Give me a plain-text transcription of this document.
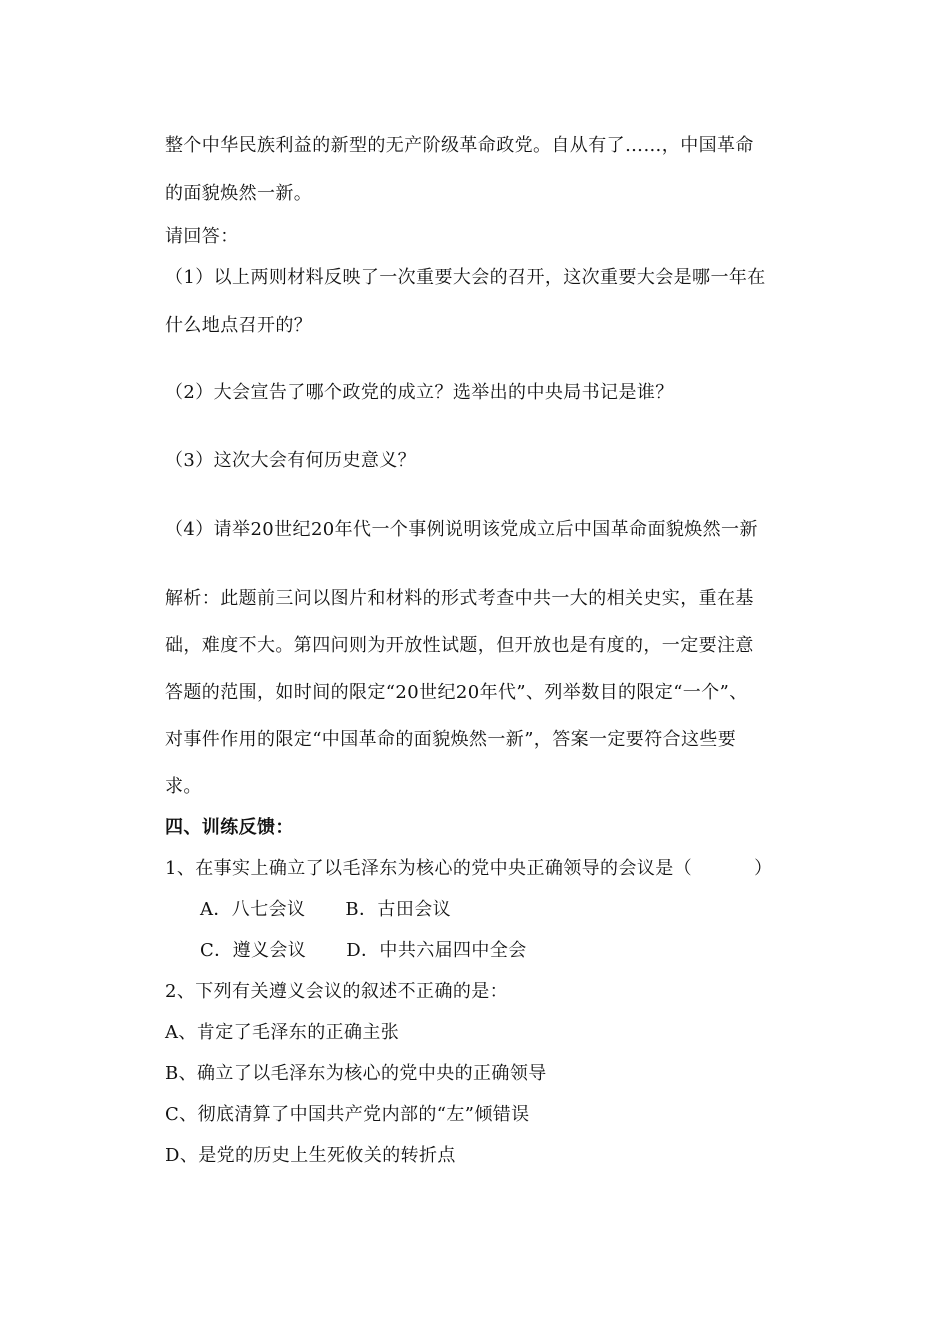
整个中华民族利益的新型的无产阶级革命政党。自从有了……，中国革命
的面貌焕然一新。
请回答：
（1）以上两则材料反映了一次重要大会的召开，这次重要大会是哪一年在
什么地点召开的？
（2）大会宣告了哪个政党的成立？选举出的中央局书记是谁？
（3）这次大会有何历史意义？
（4）请举20世纪20年代一个事例说明该党成立后中国革命面貌焕然一新
解析：此题前三问以图片和材料的形式考查中共一大的相关史实，重在基
础，难度不大。第四问则为开放性试题，但开放也是有度的，一定要注意
答题的范围，如时间的限定“20世纪20年代”、列举数目的限定“一个”、
对事件作用的限定“中国革命的面貌焕然一新”，答案一定要符合这些要
求。
四、训练反馈：
1、在事实上确立了以毛泽东为核心的党中央正确领导的会议是（	）
A．八七会议 B．古田会议
C．遵义会议 D．中共六届四中全会
2、下列有关遵义会议的叙述不正确的是：
A、肯定了毛泽东的正确主张
B、确立了以毛泽东为核心的党中央的正确领导
C、彻底清算了中国共产党内部的“左”倾错误
D、是党的历史上生死攸关的转折点
